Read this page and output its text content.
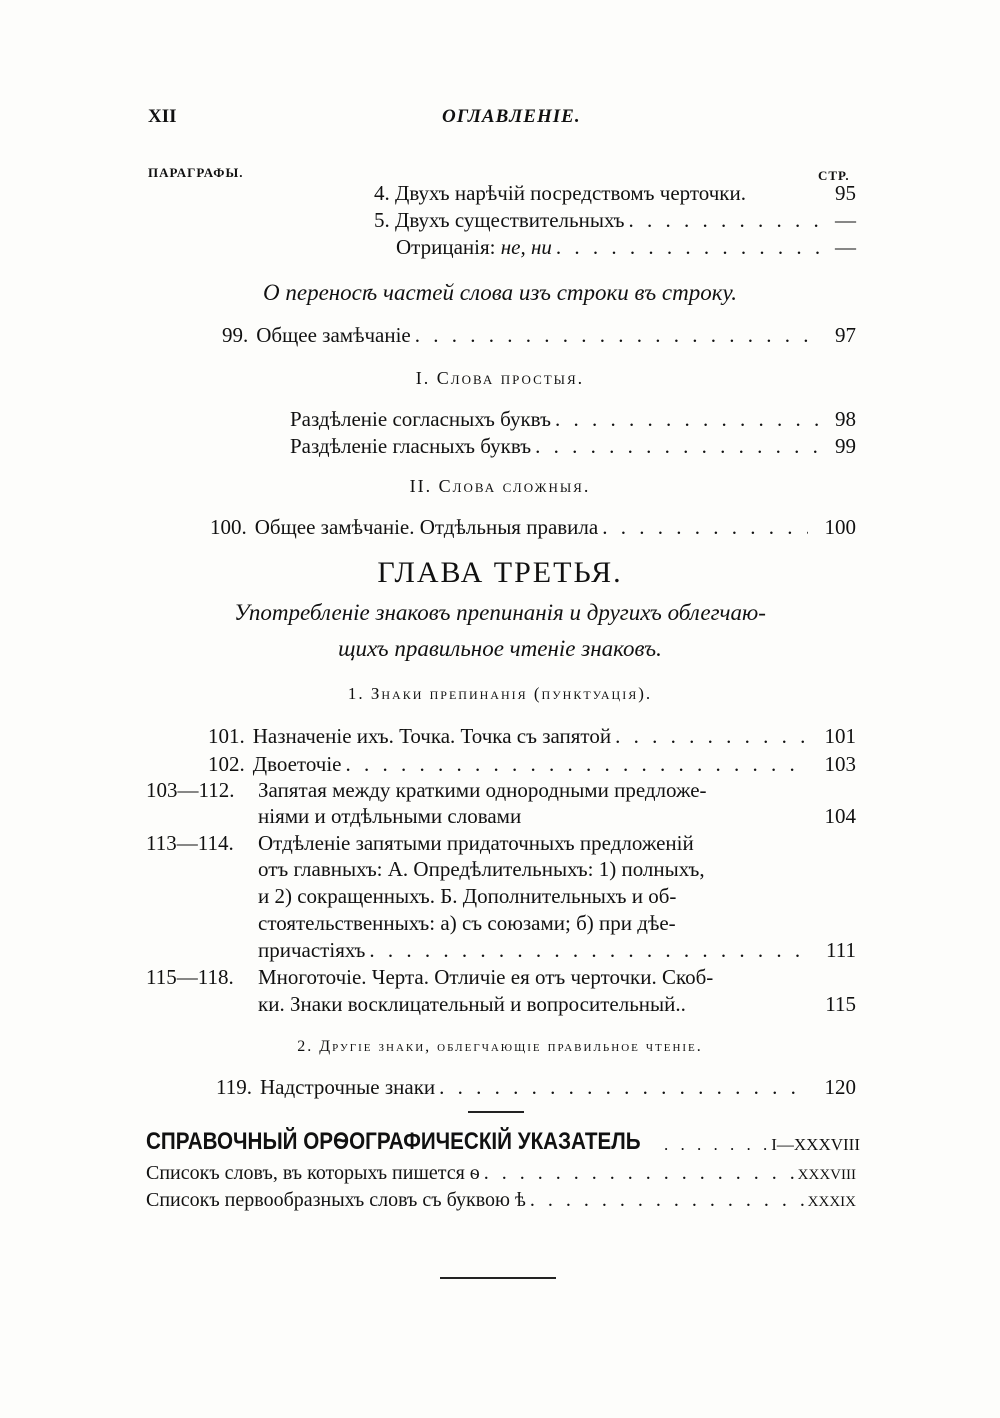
XII	ОГЛАВЛЕНІЕ.
ПАРАГРАФЫ.	СТР.
4. Двухъ нарѣчій посредствомъ черточки.	95
5. Двухъ существительныхъ . . .	—
Отрицанія: не, ни . . .	—
О переносѣ частей слова изъ строки въ строку.
99. Общее замѣчаніе . . .	97
I. Слова простыя.
Раздѣленіе согласныхъ буквъ . . .	98
Раздѣленіе гласныхъ буквъ . . .	99
II. Слова сложныя.
100. Общее замѣчаніе. Отдѣльныя правила . . .	100
ГЛАВА ТРЕТЬЯ.
Употребленіе знаковъ препинанія и другихъ облегчаю-
щихъ правильное чтеніе знаковъ.
1. Знаки препинанія (пунктуація).
101. Назначеніе ихъ. Точка. Точка съ запятой . . .	101
102. Двоеточіе . . .	103
103—112. Запятая между краткими однородными предложе-
ніями и отдѣльными словами	104
113—114. Отдѣленіе запятыми придаточныхъ предложеній
отъ главныхъ: А. Опредѣлительныхъ: 1) полныхъ,
и 2) сокращенныхъ. Б. Дополнительныхъ и об-
стоятельственныхъ: а) съ союзами; б) при дѣе-
причастіяхъ . . .	111
115—118. Многоточіе. Черта. Отличіе ея отъ черточки. Скоб-
ки. Знаки восклицательный и вопросительный..	115
2. Другіе знаки, облегчающіе правильное чтеніе.
119. Надстрочные знаки . . .	120
СПРАВОЧНЫЙ ОРѲОГРАФИЧЕСКІЙ УКАЗАТЕЛЬ . . .	I—XXXVIII
Списокъ словъ, въ которыхъ пишется ѳ . . .	XXXVIII
Списокъ первообразныхъ словъ съ буквою ѣ . . .	XXXIX
